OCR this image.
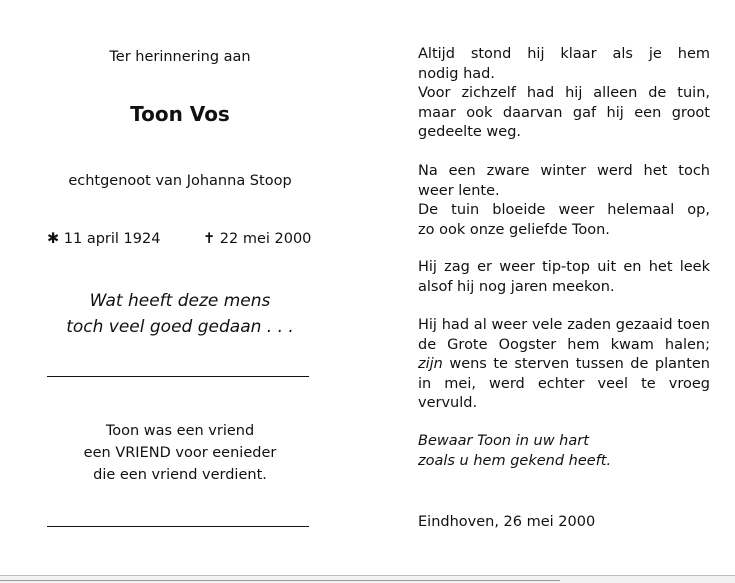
Ter herinnering aan
Toon Vos
echtgenoot van Johanna Stoop
✱ 11 april 1924	✝ 22 mei 2000
Wat heeft deze mens
toch veel goed gedaan . . .
Toon was een vriend
een VRIEND voor eenieder
die een vriend verdient.

Altijd stond hij klaar als je hem

nodig had.

Voor zichzelf had hij alleen de tuin,

maar ook daarvan gaf hij een groot

gedeelte weg.

Na een zware winter werd het toch

weer lente.

De tuin bloeide weer helemaal op,

zo ook onze geliefde Toon.

Hij zag er weer tip-top uit en het leek

alsof hij nog jaren meekon.

Hij had al weer vele zaden gezaaid toen

de Grote Oogster hem kwam halen;

zijn wens te sterven tussen de planten

in mei, werd echter veel te vroeg

vervuld.

Bewaar Toon in uw hart

zoals u hem gekend heeft.

Eindhoven, 26 mei 2000
